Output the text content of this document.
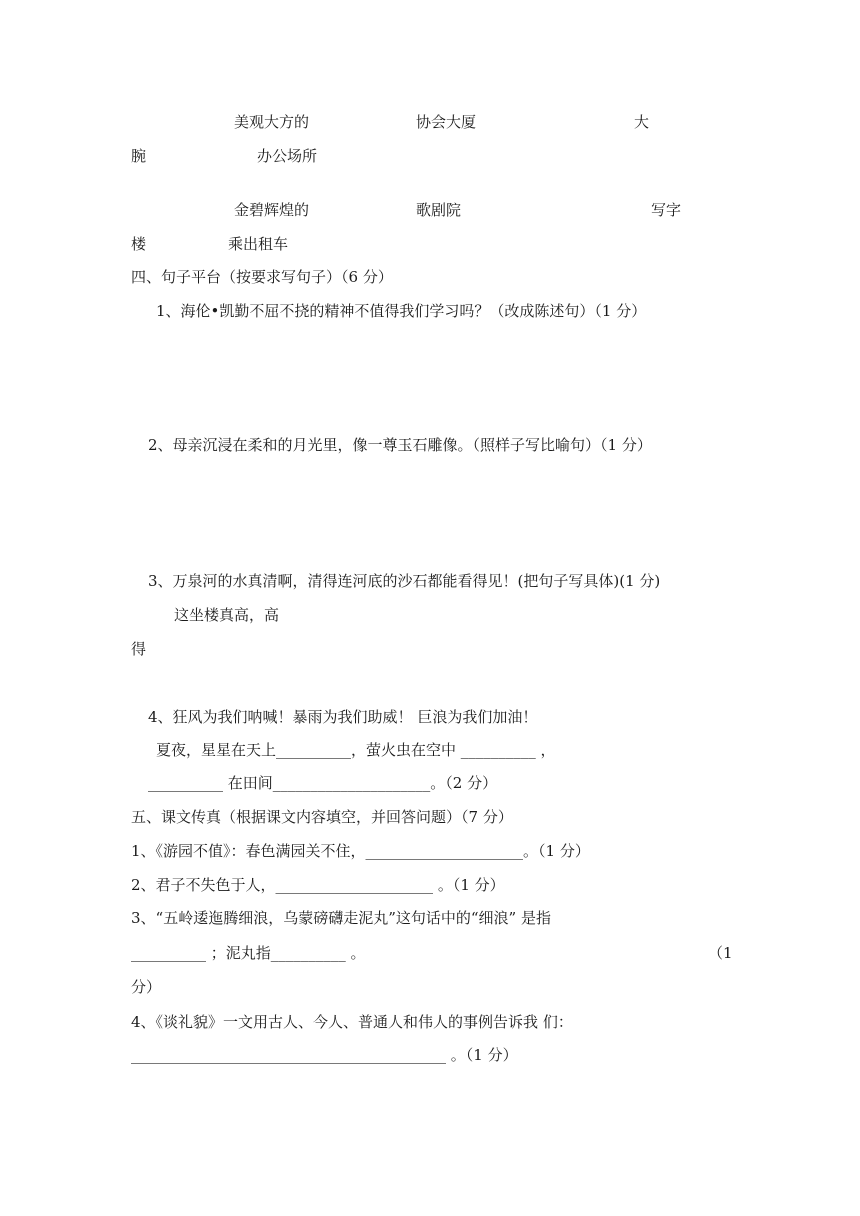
美观大方的	协会大厦	大

腕	办公场所

金碧辉煌的	歌剧院	写字

楼	乘出租车

四、句子平台（按要求写句子）（6 分）

1、海伦•凯勤不屈不挠的精神不值得我们学习吗？（改成陈述句）（1 分）

2、母亲沉浸在柔和的月光里，像一尊玉石雕像。（照样子写比喻句）（1 分）

3、万泉河的水真清啊，清得连河底的沙石都能看得见！(把句子写具体)(1 分)

这坐楼真高，高

得

4、狂风为我们呐喊！暴雨为我们助威！ 巨浪为我们加油！

夏夜，星星在天上__________，萤火虫在空中 __________ ，

__________ 在田间_____________________。（2 分）

五、课文传真（根据课文内容填空，并回答问题）（7 分）

1、《游园不值》：春色满园关不住，_____________________。（1 分）

2、君子不失色于人，_____________________ 。（1 分）

3、“五岭逶迤腾细浪，乌蒙磅礴走泥丸”这句话中的“细浪” 是指

__________ ；泥丸指__________ 。	（1

分）

4、《谈礼貌》一文用古人、今人、普通人和伟人的事例告诉我 们：

__________________________________________ 。（1 分）
